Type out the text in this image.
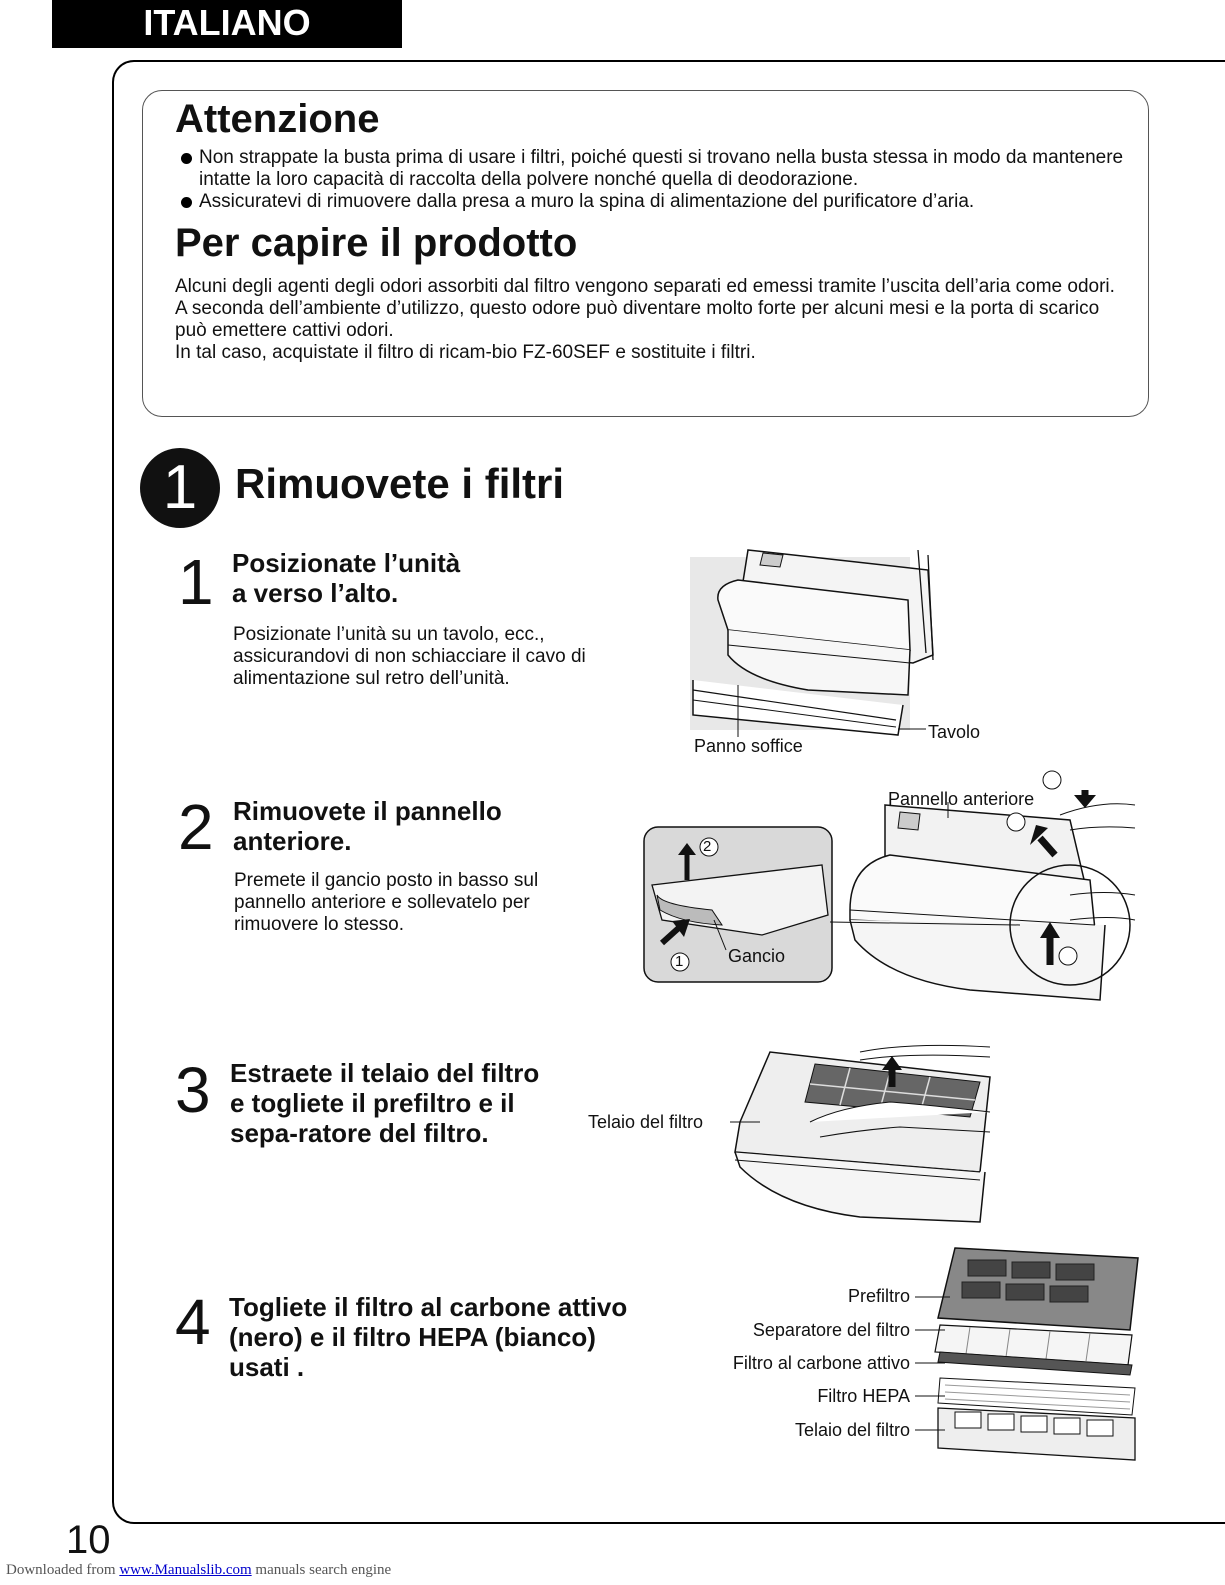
ITALIANO
Attenzione
Non strappate la busta prima di usare i filtri, poiché questi si trovano nella busta stessa in modo da mantenere intatte la loro capacità di raccolta della polvere nonché quella di deodorazione.
Assicuratevi di rimuovere dalla presa a muro la spina di alimentazione del purificatore d’aria.
Per capire il prodotto

Alcuni degli agenti degli odori assorbiti dal filtro vengono separati ed emessi tramite l’uscita dell’aria come odori.

A seconda dell’ambiente d’utilizzo, questo odore può diventare molto forte per alcuni mesi e la porta di scarico può emettere cattivi odori.

In tal caso, acquistate il filtro di ricam-bio FZ-60SEF e sostituite i filtri.

1 Rimuovete i filtri
1 Posizionate l’unità
a verso l’alto.

Posizionate l’unità su un tavolo, ecc., assicurandovi di non schiacciare il cavo di alimentazione sul retro dell’unità.

Panno soffice
Tavolo
2 Rimuovete il pannello
anteriore.

Premete il gancio posto in basso sul pannello anteriore e sollevatelo per rimuovere lo stesso.

2
1 Gancio
Pannello anteriore
3 Estraete il telaio del filtro
e togliete il prefiltro e il
sepa-ratore del filtro.	Telaio del filtro
4 Togliete il filtro al carbone attivo
(nero) e il filtro HEPA (bianco)
usati .
Prefiltro
Separatore del filtro
Filtro al carbone attivo
Filtro HEPA
Telaio del filtro
10
Downloaded from www.Manualslib.com manuals search engine
